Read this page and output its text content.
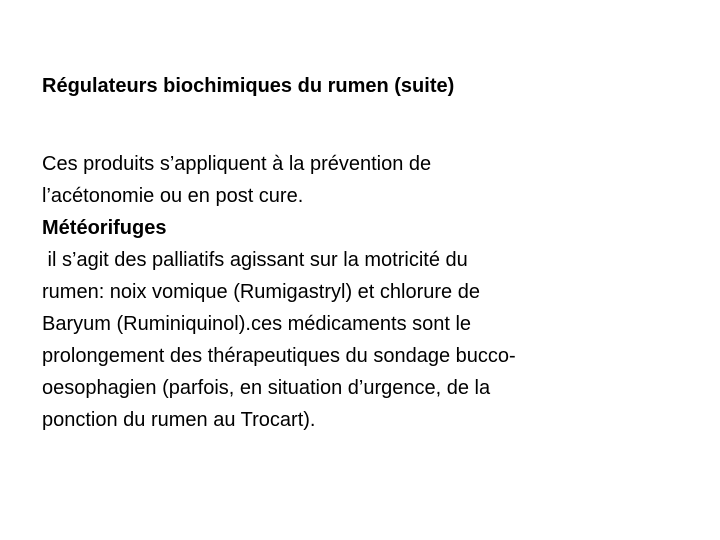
Régulateurs biochimiques du rumen (suite)

Ces produits s’appliquent à la prévention de

l’acétonomie ou en post cure.

Météorifuges

il s’agit des palliatifs agissant sur la motricité du

rumen: noix vomique (Rumigastryl) et chlorure de

Baryum (Ruminiquinol).ces médicaments sont le

prolongement des thérapeutiques du sondage bucco-

oesophagien (parfois, en situation d’urgence, de la

ponction du rumen au Trocart).
